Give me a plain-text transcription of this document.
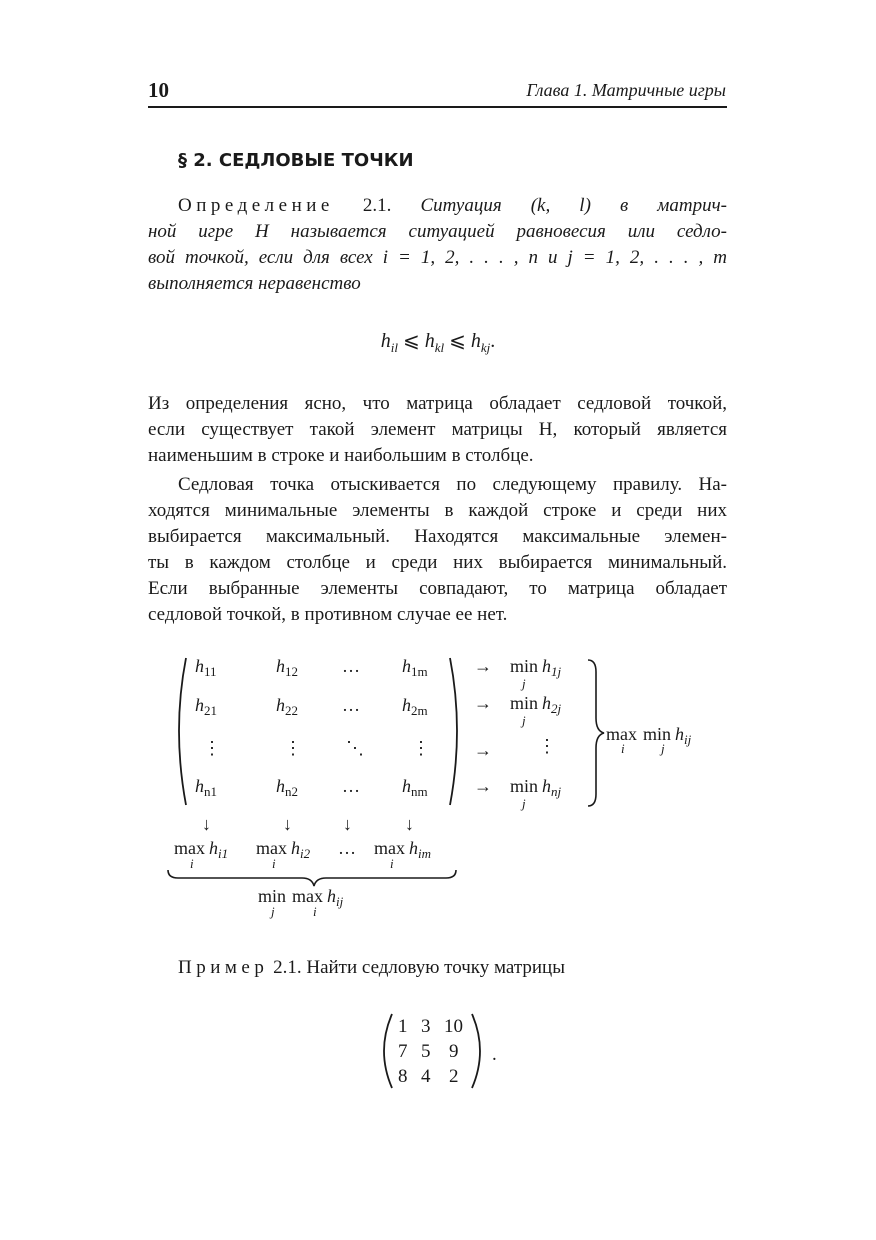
10	Глава 1. Матричные игры
§ 2. СЕДЛОВЫЕ ТОЧКИ
Определение 2.1. Ситуация (k, l) в матрич-
ной игре H называется ситуацией равновесия или седло-
вой точкой, если для всех i = 1, 2, . . . , n и j = 1, 2, . . . , m
выполняется неравенство
$h_{il}$ ⩽ $h_{kl}$ ⩽ $h_{kj}$.
Из определения ясно, что матрица обладает седловой точкой,
если существует такой элемент матрицы H, который является
наименьшим в строке и наибольшим в столбце.
Седловая точка отыскивается по следующему правилу. На-
ходятся минимальные элементы в каждой строке и среди них
выбирается максимальный. Находятся максимальные элемен-
ты в каждом столбце и среди них выбирается минимальный.
Если выбранные элементы совпадают, то матрица обладает
седловой точкой, в противном случае ее нет.
$h_{11}$	$h_{12}$ … $h_{1m}$
$h_{21}$	$h_{22}$ … $h_{2m}$
⋮	⋮ ⋱	⋮
$h_{n1}$	$h_{n2}$ … $h_{nm}$
→ $\min h_{1j}$
j
→ $\min h_{2j}$
j
→	⋮
→ $\min h_{nj}$
j
$\max \min h_{ij}$
i	j
↓	↓	↓	↓
$\max h_{i1}$
i
$\max h_{i2}$
i
… $\max h_{im}$
i
$\min \max h_{ij}$
j	i
1 3 10
7 5 9
8 4 2
.
Пример 2.1. Найти седловую точку матрицы
